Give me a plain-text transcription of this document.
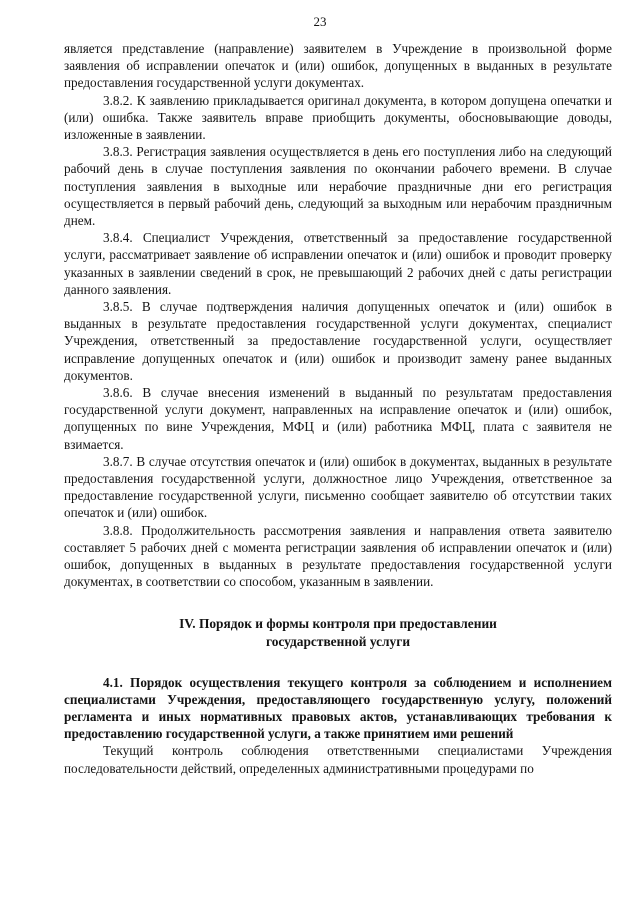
23

является представление (направление) заявителем в Учреждение в произвольной форме заявления об исправлении опечаток и (или) ошибок, допущенных в выданных в результате предоставления государственной услуги документах.

3.8.2. К заявлению прикладывается оригинал документа, в котором допущена опечатки и (или) ошибка. Также заявитель вправе приобщить документы, обосновывающие доводы, изложенные в заявлении.

3.8.3. Регистрация заявления осуществляется в день его поступления либо на следующий рабочий день в случае поступления заявления по окончании рабочего времени. В случае поступления заявления в выходные или нерабочие праздничные дни его регистрация осуществляется в первый рабочий день, следующий за выходным или нерабочим праздничным днем.

3.8.4. Специалист Учреждения, ответственный за предоставление государственной услуги, рассматривает заявление об исправлении опечаток и (или) ошибок и проводит проверку указанных в заявлении сведений в срок, не превышающий 2 рабочих дней с даты регистрации данного заявления.

3.8.5. В случае подтверждения наличия допущенных опечаток и (или) ошибок в выданных в результате предоставления государственной услуги документах, специалист Учреждения, ответственный за предоставление государственной услуги, осуществляет исправление допущенных опечаток и (или) ошибок и производит замену ранее выданных документов.

3.8.6. В случае внесения изменений в выданный по результатам предоставления государственной услуги документ, направленных на исправление опечаток и (или) ошибок, допущенных по вине Учреждения, МФЦ и (или) работника МФЦ, плата с заявителя не взимается.

3.8.7. В случае отсутствия опечаток и (или) ошибок в документах, выданных в результате предоставления государственной услуги, должностное лицо Учреждения, ответственное за предоставление государственной услуги, письменно сообщает заявителю об отсутствии таких опечаток и (или) ошибок.

3.8.8. Продолжительность рассмотрения заявления и направления ответа заявителю составляет 5 рабочих дней с момента регистрации заявления об исправлении опечаток и (или) ошибок, допущенных в выданных в результате предоставления государственной услуги документах, в соответствии со способом, указанным в заявлении.

IV. Порядок и формы контроля при предоставлении
государственной услуги

4.1. Порядок осуществления текущего контроля за соблюдением и исполнением специалистами Учреждения, предоставляющего государственную услугу, положений регламента и иных нормативных правовых актов, устанавливающих требования к предоставлению государственной услуги, а также принятием ими решений

Текущий контроль соблюдения ответственными специалистами Учреждения последовательности действий, определенных административными процедурами по
